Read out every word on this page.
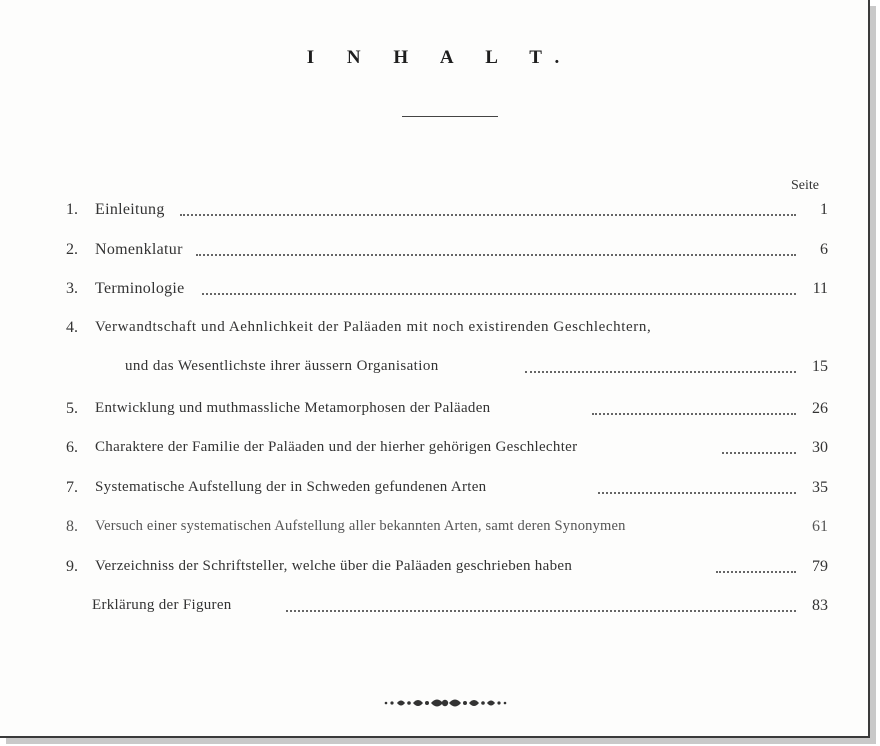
I N H A L T.
Seite
1. Einleitung	1
2. Nomenklatur	6
3. Terminologie	11
4. Verwandtschaft und Aehnlichkeit der Paläaden mit noch existirenden Geschlechtern,
und das Wesentlichste ihrer äussern Organisation	15
5. Entwicklung und muthmassliche Metamorphosen der Paläaden	26
6. Charaktere der Familie der Paläaden und der hierher gehörigen Geschlechter	30
7. Systematische Aufstellung der in Schweden gefundenen Arten	35
8. Versuch einer systematischen Aufstellung aller bekannten Arten, samt deren Synonymen	61
9. Verzeichniss der Schriftsteller, welche über die Paläaden geschrieben haben	79
Erklärung der Figuren	83
